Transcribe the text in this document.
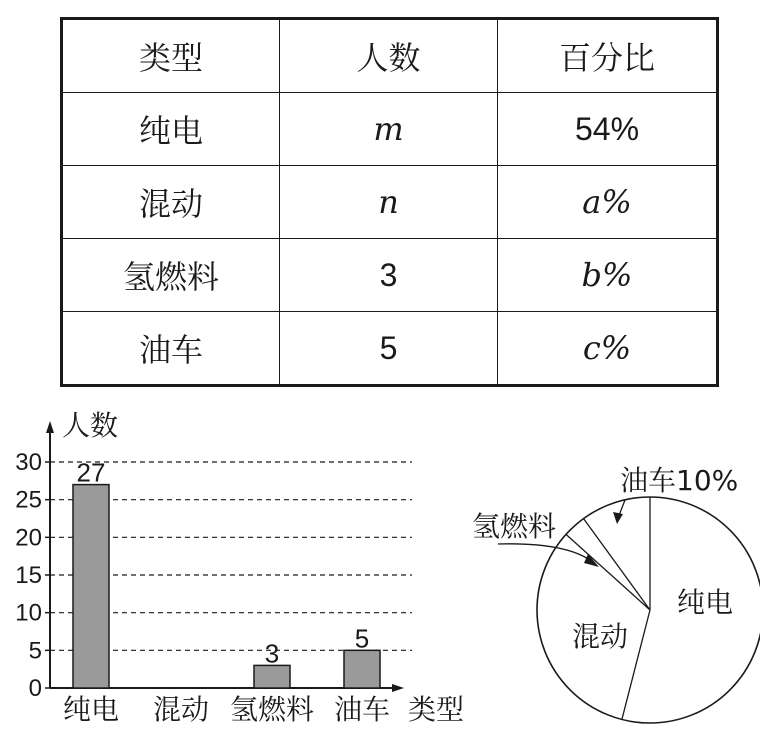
类型	人数	百分比
纯电	m	54%
混动	n	a%
氢燃料	3	b%
油车	5	c%
0
5
10
15
20
25
30
人数
类型
纯电
27
混动 氢燃料
3
油车
5
纯电
混动
氢燃料
油车10%
